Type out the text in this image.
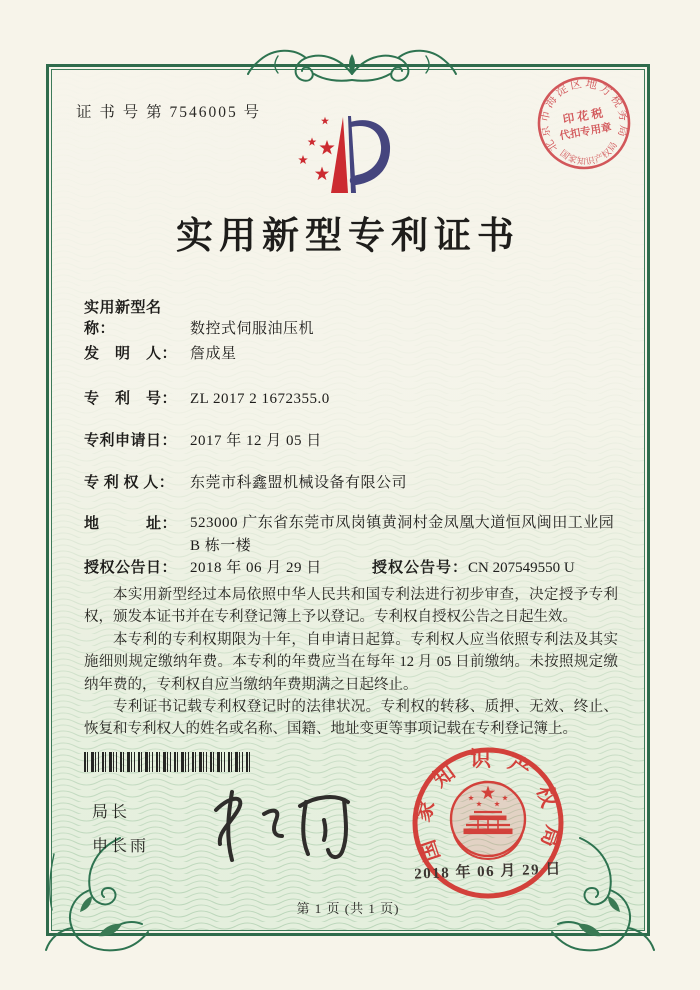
证 书 号 第 7546005 号
北京市海淀区地方税务局
国家知识产权局
印 花 税
代扣专用章
实用新型专利证书
实用新型名称：	数控式伺服油压机
发　明　人： 詹成星
专　利　号： ZL 2017 2 1672355.0
专利申请日： 2017 年 12 月 05 日
专 利 权 人： 东莞市科鑫盟机械设备有限公司
地　　　址： 523000 广东省东莞市凤岗镇黄洞村金凤凰大道恒风闽田工业园 B 栋一楼
授权公告日： 2018 年 06 月 29 日	授权公告号：CN 207549550 U

本实用新型经过本局依照中华人民共和国专利法进行初步审查，决定授予专利权，颁发本证书并在专利登记簿上予以登记。专利权自授权公告之日起生效。

本专利的专利权期限为十年，自申请日起算。专利权人应当依照专利法及其实施细则规定缴纳年费。本专利的年费应当在每年 12 月 05 日前缴纳。未按照规定缴纳年费的，专利权自应当缴纳年费期满之日起终止。

专利证书记载专利权登记时的法律状况。专利权的转移、质押、无效、终止、恢复和专利权人的姓名或名称、国籍、地址变更等事项记载在专利登记簿上。

局长
申长雨	国家知识产权局
2018 年 06 月 29 日
第 1 页 (共 1 页)
